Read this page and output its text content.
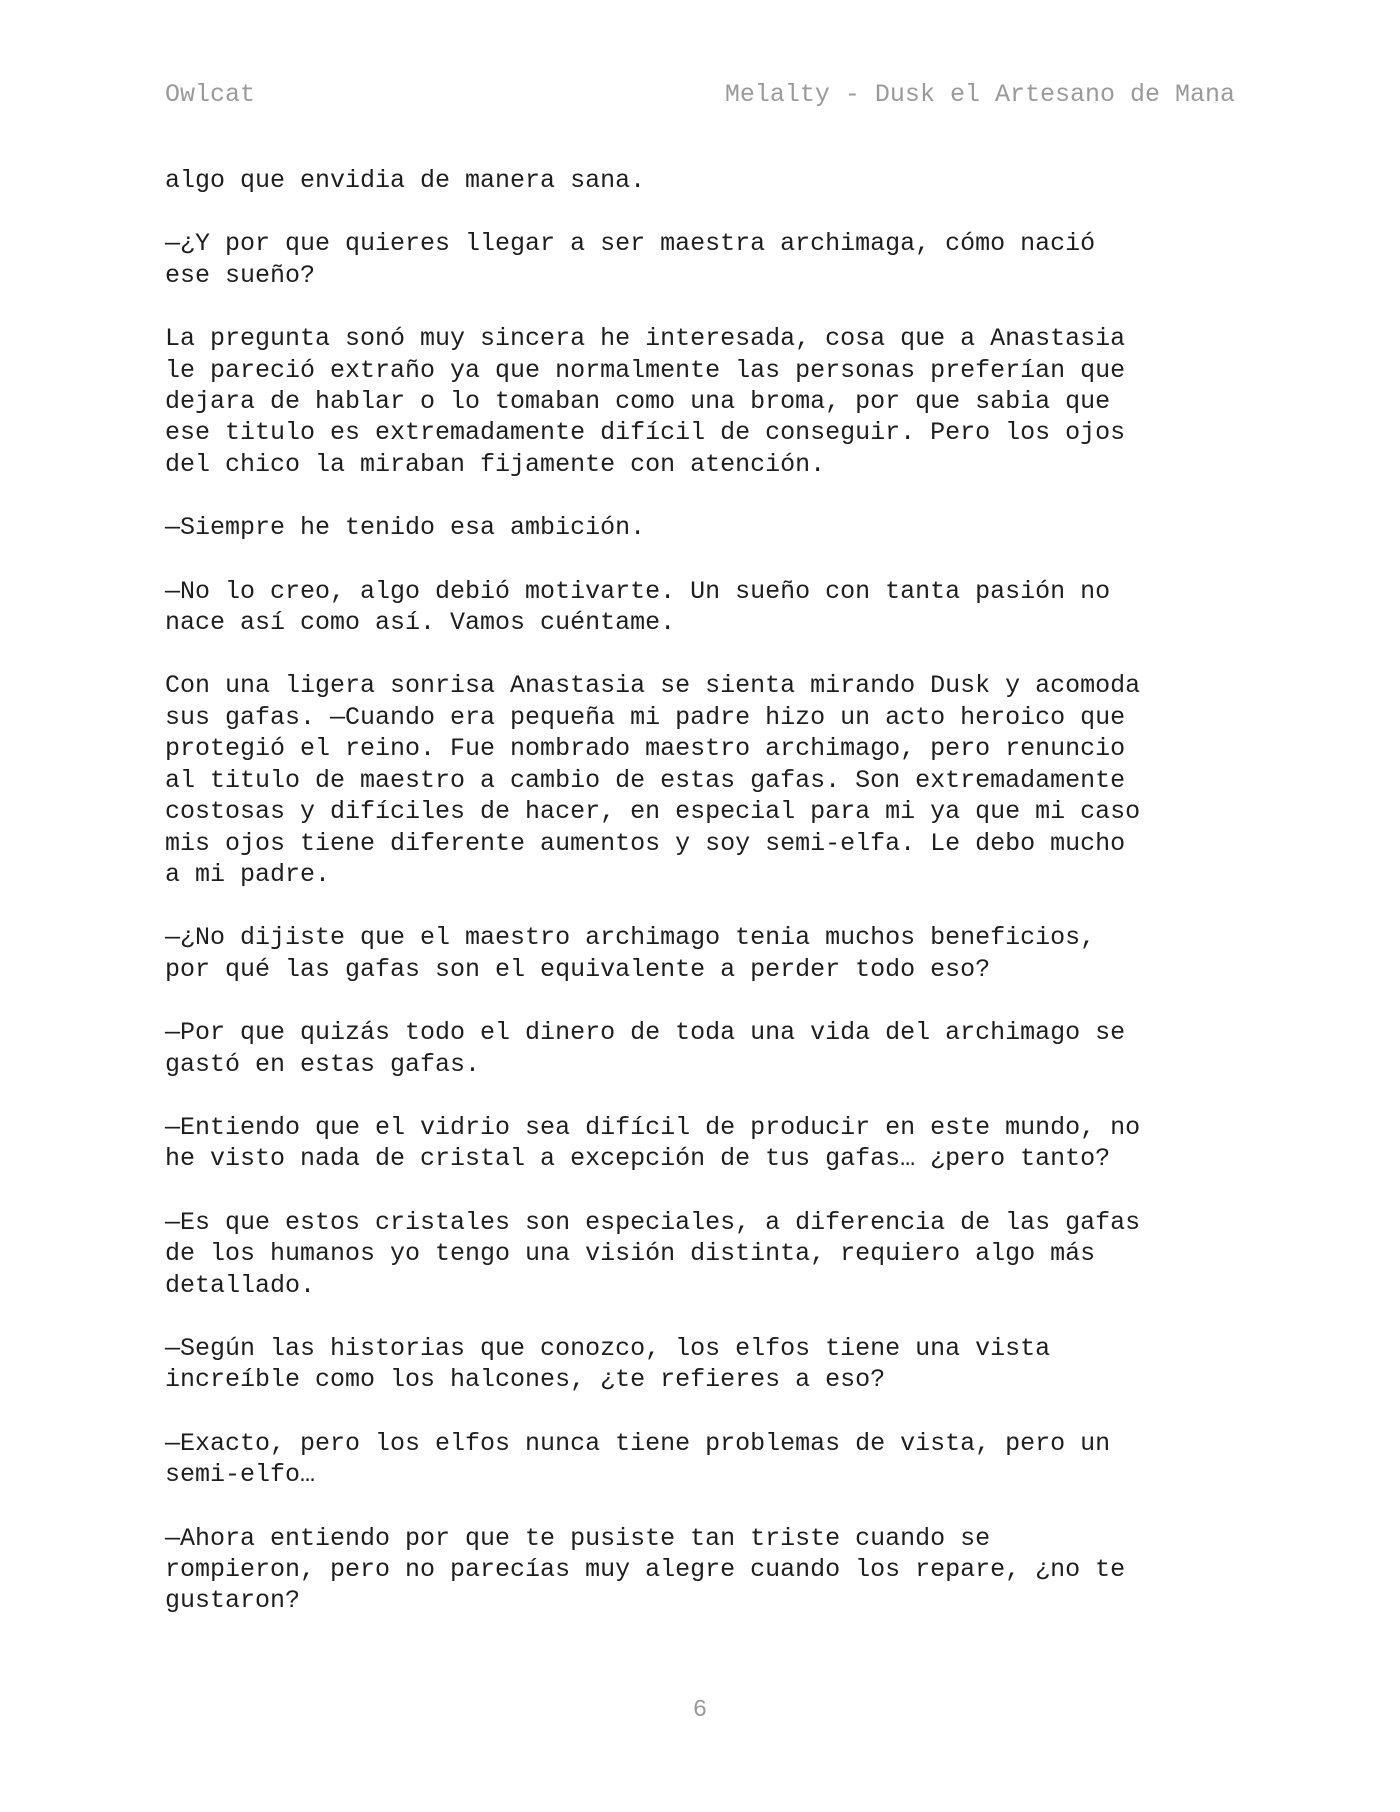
Owlcat	Melalty - Dusk el Artesano de Mana

algo que envidia de manera sana.

—¿Y por que quieres llegar a ser maestra archimaga, cómo nació
ese sueño?

La pregunta sonó muy sincera he interesada, cosa que a Anastasia
le pareció extraño ya que normalmente las personas preferían que
dejara de hablar o lo tomaban como una broma, por que sabia que
ese titulo es extremadamente difícil de conseguir. Pero los ojos
del chico la miraban fijamente con atención.

—Siempre he tenido esa ambición.

—No lo creo, algo debió motivarte. Un sueño con tanta pasión no
nace así como así. Vamos cuéntame.

Con una ligera sonrisa Anastasia se sienta mirando Dusk y acomoda
sus gafas. —Cuando era pequeña mi padre hizo un acto heroico que
protegió el reino. Fue nombrado maestro archimago, pero renuncio
al titulo de maestro a cambio de estas gafas. Son extremadamente
costosas y difíciles de hacer, en especial para mi ya que mi caso
mis ojos tiene diferente aumentos y soy semi-elfa. Le debo mucho
a mi padre.

—¿No dijiste que el maestro archimago tenia muchos beneficios,
por qué las gafas son el equivalente a perder todo eso?

—Por que quizás todo el dinero de toda una vida del archimago se
gastó en estas gafas.

—Entiendo que el vidrio sea difícil de producir en este mundo, no
he visto nada de cristal a excepción de tus gafas… ¿pero tanto?

—Es que estos cristales son especiales, a diferencia de las gafas
de los humanos yo tengo una visión distinta, requiero algo más
detallado.

—Según las historias que conozco, los elfos tiene una vista
increíble como los halcones, ¿te refieres a eso?

—Exacto, pero los elfos nunca tiene problemas de vista, pero un
semi-elfo…

—Ahora entiendo por que te pusiste tan triste cuando se
rompieron, pero no parecías muy alegre cuando los repare, ¿no te
gustaron?

6
